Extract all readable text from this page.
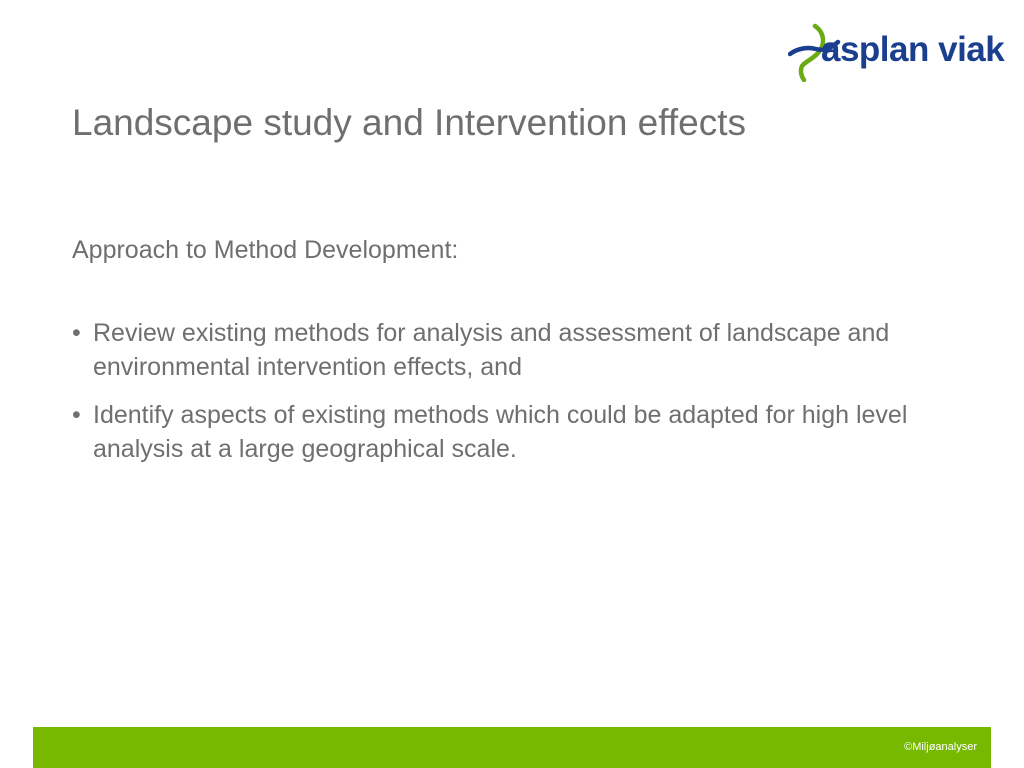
asplan viak
Landscape study and Intervention effects
Approach to Method Development:
• Review existing methods for analysis and assessment of landscape and environmental intervention effects, and
• Identify aspects of existing methods which could be adapted for high level analysis at a large geographical scale.
©Miljøanalyser
